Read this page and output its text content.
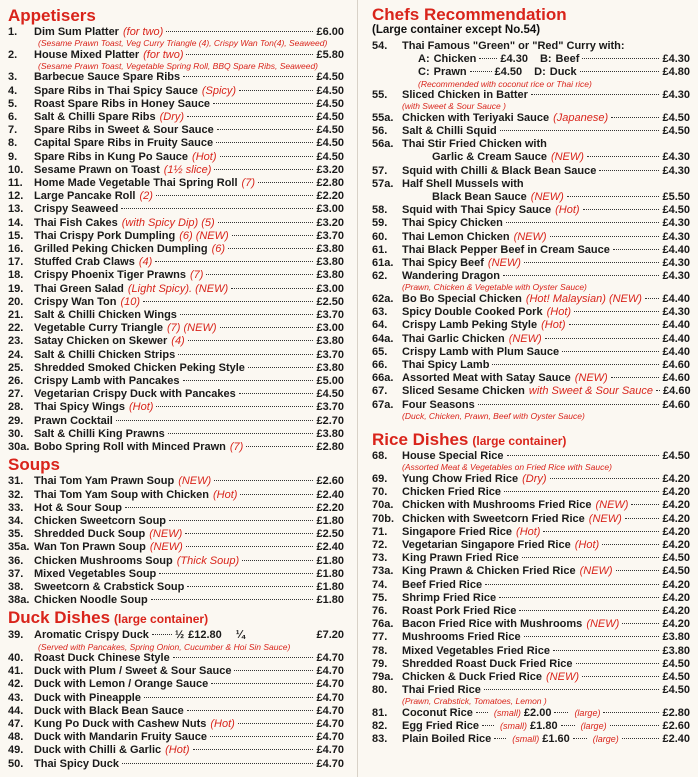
Appetisers
1.	Dim Sum Platter (for two)	£6.00
(Sesame Prawn Toast, Veg Curry Triangle (4), Crispy Wan Ton(4), Seaweed)
2.	House Mixed Platter (for two)	£5.80
(Sesame Prawn Toast, Vegetable Spring Roll, BBQ Spare Ribs, Seaweed)
3.	Barbecue Sauce Spare Ribs	£4.50
4.	Spare Ribs in Thai Spicy Sauce (Spicy)	£4.50
5.	Roast Spare Ribs in Honey Sauce	£4.50
6.	Salt & Chilli Spare Ribs (Dry)	£4.50
7.	Spare Ribs in Sweet & Sour Sauce	£4.50
8.	Capital Spare Ribs in Fruity Sauce	£4.50
9.	Spare Ribs in Kung Po Sauce (Hot)	£4.50
10. Sesame Prawn on Toast (1½ slice)	£3.20
11.	Home Made Vegetable Thai Spring Roll (7)	£2.80
12. Large Pancake Roll (2)	£2.20
13. Crispy Seaweed	£3.00
14. Thai Fish Cakes (with Spicy Dip) (5)	£3.20
15. Thai Crispy Pork Dumpling (6) (NEW)	£3.70
16. Grilled Peking Chicken Dumpling (6)	£3.80
17. Stuffed Crab Claws (4)	£3.80
18. Crispy Phoenix Tiger Prawns (7)	£3.80
19. Thai Green Salad (Light Spicy). (NEW)	£3.00
20. Crispy Wan Ton (10)	£2.50
21. Salt & Chilli Chicken Wings	£3.70
22. Vegetable Curry Triangle (7) (NEW)	£3.00
23. Satay Chicken on Skewer (4)	£3.80
24. Salt & Chilli Chicken Strips	£3.70
25. Shredded Smoked Chicken Peking Style	£3.80
26. Crispy Lamb with Pancakes	£5.00
27. Vegetarian Crispy Duck with Pancakes	£4.50
28. Thai Spicy Wings (Hot)	£3.70
29. Prawn Cocktail	£2.70
30. Salt & Chilli King Prawns	£3.80
30a. Bobo Spring Roll with Minced Prawn (7)	£2.80
Soups
31. Thai Tom Yam Prawn Soup (NEW)	£2.60
32. Thai Tom Yam Soup with Chicken (Hot)	£2.40
33. Hot & Sour Soup	£2.20
34. Chicken Sweetcorn Soup	£1.80
35. Shredded Duck Soup (NEW)	£2.50
35a. Wan Ton Prawn Soup (NEW)	£2.40
36. Chicken Mushrooms Soup (Thick Soup)	£1.80
37. Mixed Vegetables Soup	£1.80
38. Sweetcorn & Crabstick Soup	£1.80
38a. Chicken Noodle Soup	£1.80
Duck Dishes (large container)
39. Aromatic Crispy Duck ½ £12.80 ¼	£7.20
(Served with Pancakes, Spring Onion, Cucumber & Hoi Sin Sauce)
40. Roast Duck Chinese Style	£4.70
41. Duck with Plum / Sweet & Sour Sauce	£4.70
42. Duck with Lemon / Orange Sauce	£4.70
43. Duck with Pineapple	£4.70
44. Duck with Black Bean Sauce	£4.70
47. Kung Po Duck with Cashew Nuts (Hot)	£4.70
48. Duck with Mandarin Fruity Sauce	£4.70
49. Duck with Chilli & Garlic (Hot)	£4.70
50. Thai Spicy Duck	£4.70
Chefs Recommendation
(Large container except No.54)
54.	Thai Famous "Green" or "Red" Curry with:
A: Chicken £4.30 B: Beef	£4.30
C: Prawn	£4.50 D: Duck	£4.80
(Recommended with coconut rice or Thai rice)
55.	Sliced Chicken in Batter	£4.30
(with Sweet & Sour Sauce )
55a. Chicken with Teriyaki Sauce (Japanese)	£4.50
56.	Salt & Chilli Squid	£4.50
56a. Thai Stir Fried Chicken with
Garlic & Cream Sauce (NEW)	£4.30
57.	Squid with Chilli & Black Bean Sauce	£4.30
57a. Half Shell Mussels with
Black Bean Sauce (NEW)	£5.50
58.	Squid with Thai Spicy Sauce (Hot)	£4.50
59.	Thai Spicy Chicken	£4.30
60.	Thai Lemon Chicken (NEW)	£4.30
61.	Thai Black Pepper Beef in Cream Sauce	£4.40
61a. Thai Spicy Beef (NEW)	£4.30
62.	Wandering Dragon	£4.30
(Prawn, Chicken & Vegetable with Oyster Sauce)
62a. Bo Bo Special Chicken (Hot! Malaysian) (NEW) £4.40
63.	Spicy Double Cooked Pork (Hot)	£4.30
64.	Crispy Lamb Peking Style (Hot)	£4.40
64a. Thai Garlic Chicken (NEW)	£4.40
65.	Crispy Lamb with Plum Sauce	£4.40
66.	Thai Spicy Lamb	£4.60
66a. Assorted Meat with Satay Sauce (NEW)	£4.60
67.	Sliced Sesame Chicken with Sweet & Sour Sauce £4.60
67a. Four Seasons	£4.60
(Duck, Chicken, Prawn, Beef with Oyster Sauce)
Rice Dishes (large container)
68.	House Special Rice	£4.50
(Assorted Meat & Vegetables on Fried Rice with Sauce)
69.	Yung Chow Fried Rice (Dry)	£4.20
70.	Chicken Fried Rice	£4.20
70a. Chicken with Mushrooms Fried Rice (NEW)	£4.20
70b. Chicken with Sweetcorn Fried Rice (NEW)	£4.20
71.	Singapore Fried Rice (Hot)	£4.20
72.	Vegetarian Singapore Fried Rice (Hot)	£4.20
73.	King Prawn Fried Rice	£4.50
73a. King Prawn & Chicken Fried Rice (NEW)	£4.50
74.	Beef Fried Rice	£4.20
75.	Shrimp Fried Rice	£4.20
76.	Roast Pork Fried Rice	£4.20
76a. Bacon Fried Rice with Mushrooms (NEW)	£4.20
77.	Mushrooms Fried Rice	£3.80
78.	Mixed Vegetables Fried Rice	£3.80
79.	Shredded Roast Duck Fried Rice	£4.50
79a. Chicken & Duck Fried Rice (NEW)	£4.50
80.	Thai Fried Rice	£4.50
(Prawn, Crabstick, Tomatoes, Lemon )
81.	Coconut Rice (small) £2.00	(large)	£2.80
82.	Egg Fried Rice (small) £1.80	(large)	£2.60
83.	Plain Boiled Rice (small) £1.60	(large)	£2.40
